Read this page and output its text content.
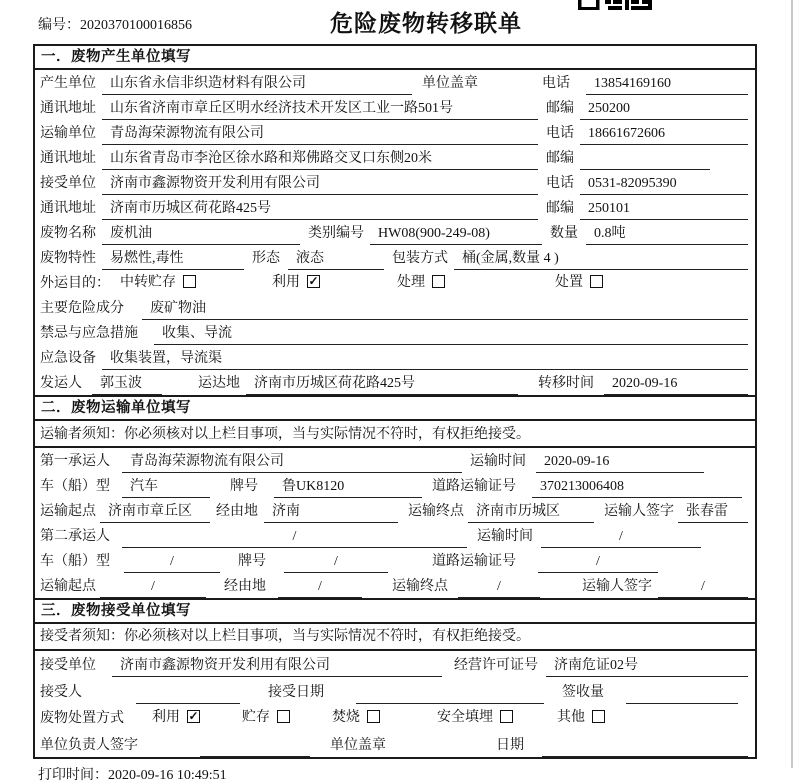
编号：2020370100016856	危险废物转移联单
一．废物产生单位填写
产生单位	山东省永信非织造材料有限公司	单位盖章	电话	13854169160
通讯地址	山东省济南市章丘区明水经济技术开发区工业一路501号	邮编	250200
运输单位	青岛海荣源物流有限公司	电话	18661672606
通讯地址	山东省青岛市李沧区徐水路和郑佛路交叉口东侧20米	邮编
接受单位	济南市鑫源物资开发利用有限公司	电话	0531-82095390
通讯地址	济南市历城区荷花路425号	邮编	250101
废物名称	废机油	类别编号	HW08(900-249-08)	数量	0.8吨
废物特性	易燃性,毒性	形态	液态	包装方式	桶(金属,数量 4 )
外运目的： 中转贮存	利用 ✓	处理	处置
主要危险成分	废矿物油
禁忌与应急措施	收集、导流
应急设备	收集装置，导流渠
发运人	郭玉波	运达地	济南市历城区荷花路425号	转移时间	2020-09-16
二．废物运输单位填写
运输者须知：你必须核对以上栏目事项，当与实际情况不符时，有权拒绝接受。
第一承运人	青岛海荣源物流有限公司	运输时间	2020-09-16
车（船）型	汽车	牌号	鲁UK8120	道路运输证号	370213006408
运输起点 济南市章丘区	经由地	济南	运输终点 济南市历城区	运输人签字 张春雷
第二承运人	/	运输时间	/
车（船）型	/	牌号	/	道路运输证号	/
运输起点	/	经由地	/	运输终点	/	运输人签字	/
三．废物接受单位填写
接受者须知：你必须核对以上栏目事项，当与实际情况不符时，有权拒绝接受。
接受单位	济南市鑫源物资开发利用有限公司	经营许可证号	济南危证02号
接受人	接受日期	签收量
废物处置方式	利用 ✓	贮存	焚烧	安全填埋	其他
单位负责人签字	单位盖章	日期
打印时间：2020-09-16 10:49:51
